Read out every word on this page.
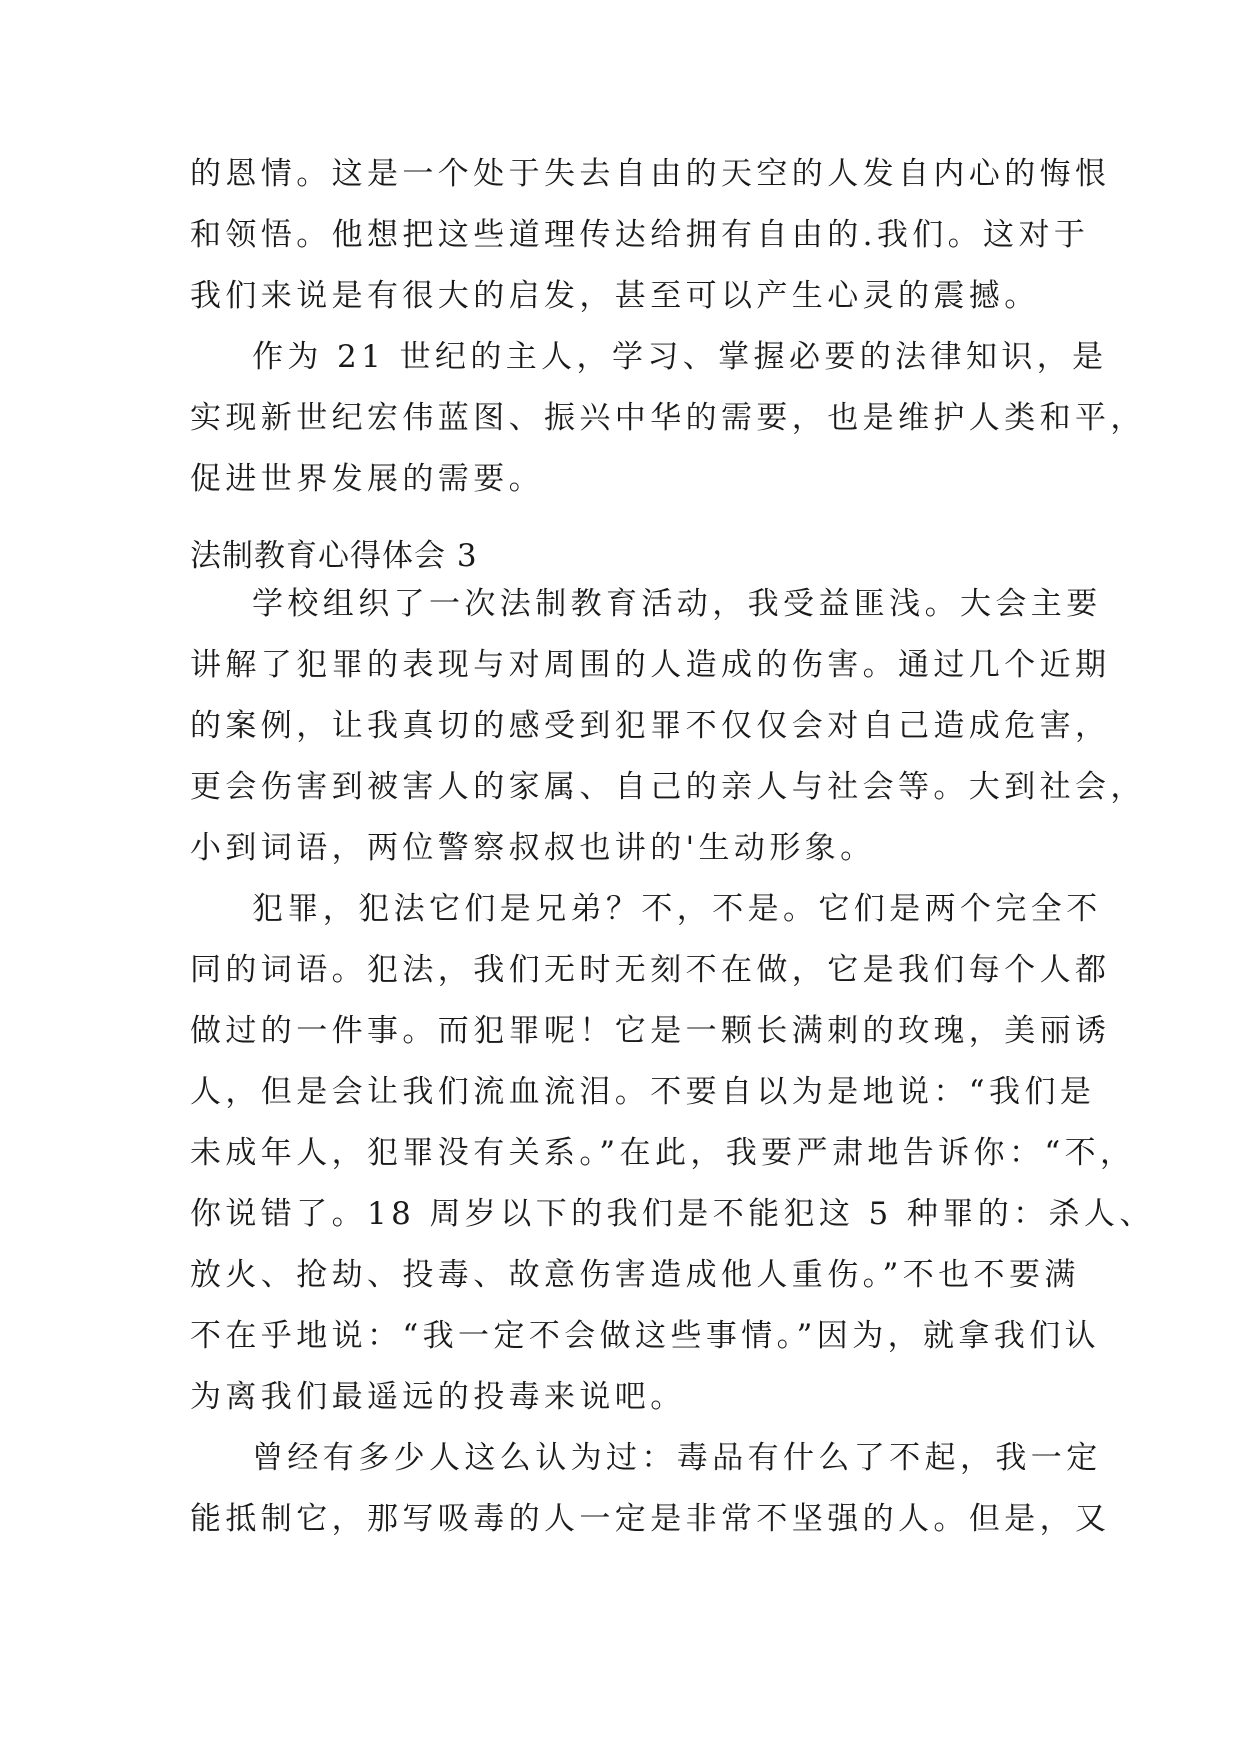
的恩情。这是一个处于失去自由的天空的人发自内心的悔恨
和领悟。他想把这些道理传达给拥有自由的.我们。这对于
我们来说是有很大的启发，甚至可以产生心灵的震撼。
作为 21 世纪的主人，学习、掌握必要的法律知识，是
实现新世纪宏伟蓝图、振兴中华的需要，也是维护人类和平，
促进世界发展的需要。
法制教育心得体会 3
学校组织了一次法制教育活动，我受益匪浅。大会主要
讲解了犯罪的表现与对周围的人造成的伤害。通过几个近期
的案例，让我真切的感受到犯罪不仅仅会对自己造成危害，
更会伤害到被害人的家属、自己的亲人与社会等。大到社会，
小到词语，两位警察叔叔也讲的'生动形象。
犯罪，犯法它们是兄弟？不，不是。它们是两个完全不
同的词语。犯法，我们无时无刻不在做，它是我们每个人都
做过的一件事。而犯罪呢！它是一颗长满刺的玫瑰，美丽诱
人，但是会让我们流血流泪。不要自以为是地说：“我们是
未成年人，犯罪没有关系。”在此，我要严肃地告诉你：“不，
你说错了。18 周岁以下的我们是不能犯这 5 种罪的：杀人、
放火、抢劫、投毒、故意伤害造成他人重伤。”不也不要满
不在乎地说：“我一定不会做这些事情。”因为，就拿我们认
为离我们最遥远的投毒来说吧。
曾经有多少人这么认为过：毒品有什么了不起，我一定
能抵制它，那写吸毒的人一定是非常不坚强的人。但是，又
